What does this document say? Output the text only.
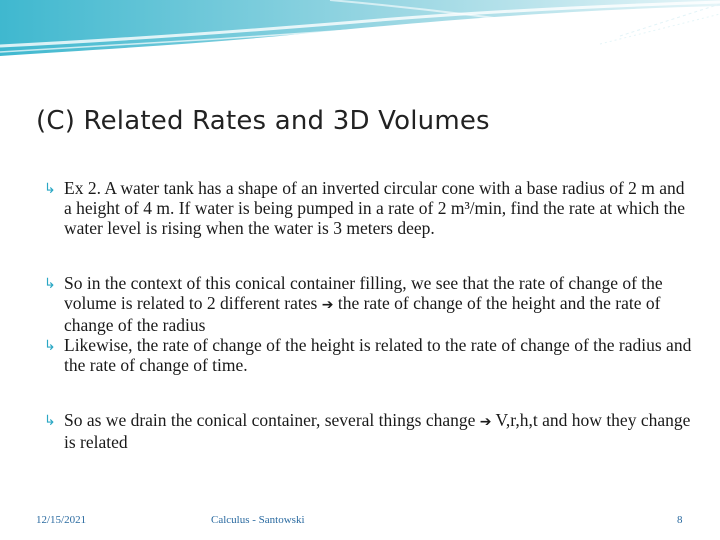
(C) Related Rates and 3D Volumes
↳ Ex 2. A water tank has a shape of an inverted circular cone with a base radius of 2 m and a height of 4 m. If water is being pumped in a rate of 2 m³/min, find the rate at which the water level is rising when the water is 3 meters deep.
↳ So in the context of this conical container filling, we see that the rate of change of the volume is related to 2 different rates ➔ the rate of change of the height and the rate of change of the radius
↳ Likewise, the rate of change of the height is related to the rate of change of the radius and the rate of change of time.
↳ So as we drain the conical container, several things change ➔ V,r,h,t and how they change is related
12/15/2021	Calculus - Santowski	8
